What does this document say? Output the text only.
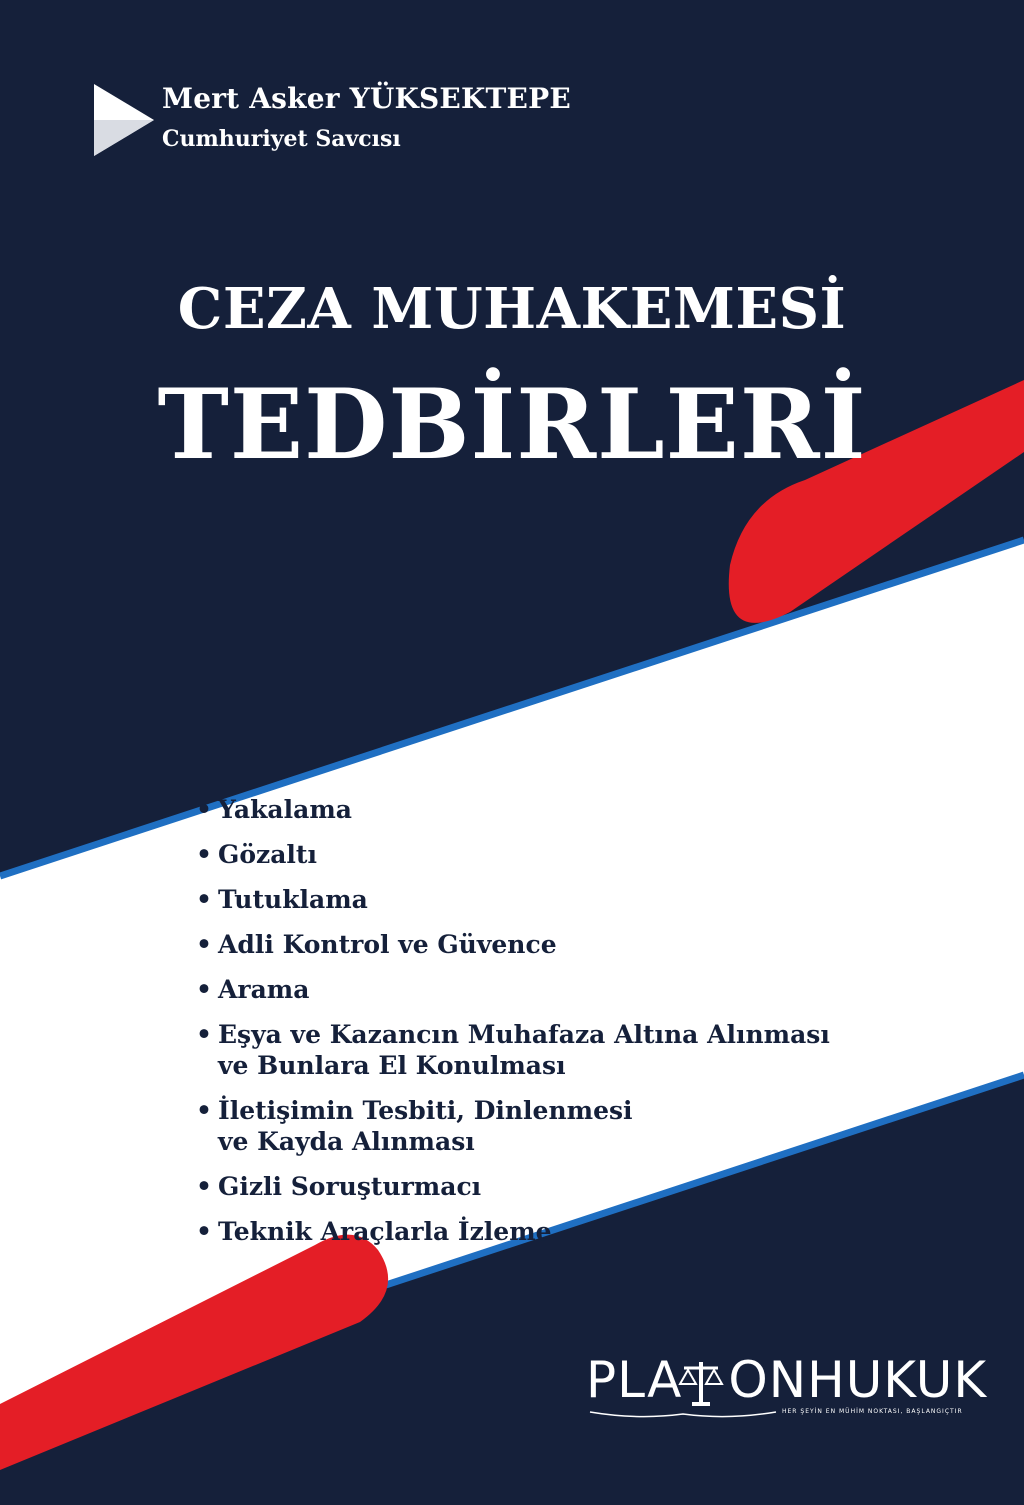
Mert Asker YÜKSEKTEPE
Cumhuriyet Savcısı
CEZA MUHAKEMESİ
TEDBİRLERİ
• Yakalama
• Gözaltı
• Tutuklama
• Adli Kontrol ve Güvence
• Arama
• Eşya ve Kazancın Muhafaza Altına Alınması
ve Bunlara El Konulması
• İletişimin Tesbiti, Dinlenmesi
ve Kayda Alınması
• Gizli Soruşturmacı
• Teknik Araçlarla İzleme
PLA ONHUKUK
HER ŞEYİN EN MÜHİM NOKTASI, BAŞLANGIÇTIR
